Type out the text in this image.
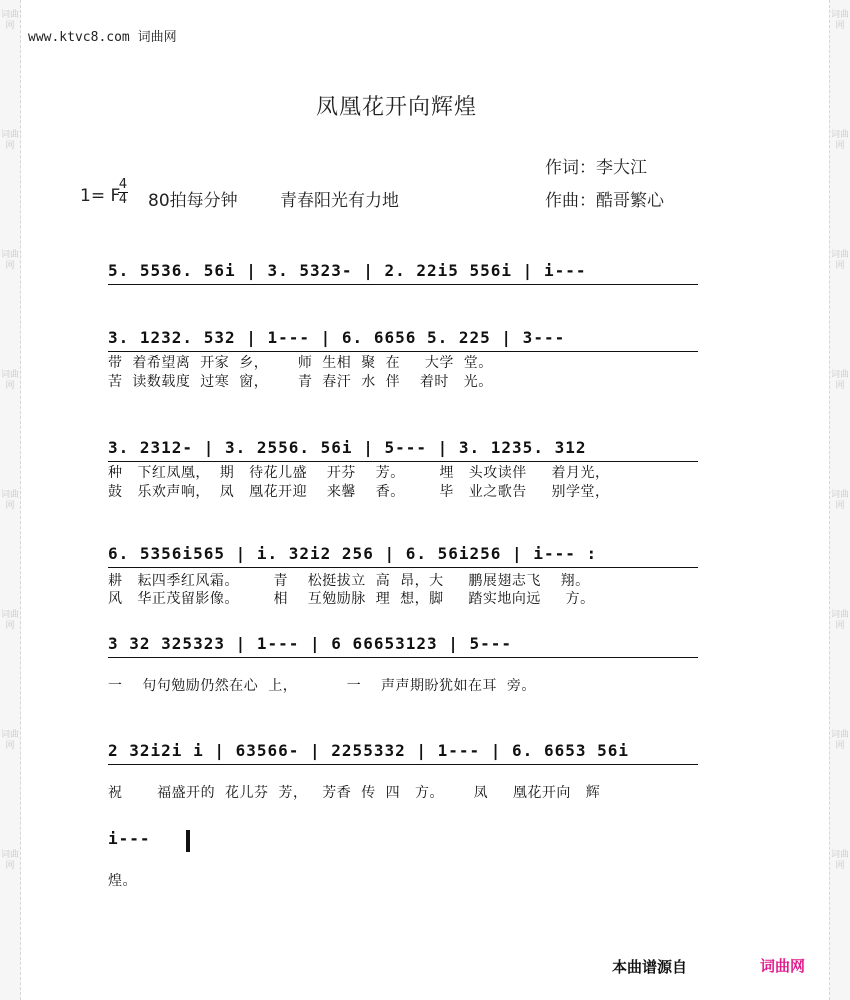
词曲网
词曲网
词曲网
词曲网
词曲网
词曲网
词曲网
词曲网
词曲网
词曲网
词曲网
词曲网
词曲网
词曲网
词曲网
词曲网
www.ktvc8.com 词曲网
凤凰花开向辉煌
作词：李大江
作曲：酷哥繁心
1= F
4
4 80拍每分钟 青春阳光有力地
5. 5536. 56i | 3. 5323- | 2. 22i5 556i | i---
3. 1232. 532 | 1--- | 6. 6656 5. 225 | 3---
带  着希望离  开家  乡，      师  生相  聚  在     大学  堂。
苦  读数载度  过寒  窗，      青  春汗  水  伴    着时   光。
3. 2312- | 3. 2556. 56i | 5--- | 3. 1235. 312
种   下红凤凰，  期   待花儿盛    开芬    芳。       埋   头攻读伴     着月光，
鼓   乐欢声响，  凤   凰花开迎    来馨    香。       毕   业之歌告     别学堂，
6. 5356i565 | i. 32i2 256 | 6. 56i256 | i--- :
耕   耘四季红风霜。       青    松挺拔立  高  昂，大     鹏展翅志飞    翔。
风   华正茂留影像。       相    互勉励脉  理  想，脚     踏实地向远     方。
3 32 325323 | 1--- | 6 66653123 | 5---
一    句句勉励仍然在心  上，          一    声声期盼犹如在耳  旁。
2 32i2i i | 63566- | 2255332 | 1--- | 6. 6653 56i
祝       福盛开的  花儿芬  芳，   芳香  传  四   方。      凤     凰花开向   辉
i---
煌。
本曲谱源自	词曲网
